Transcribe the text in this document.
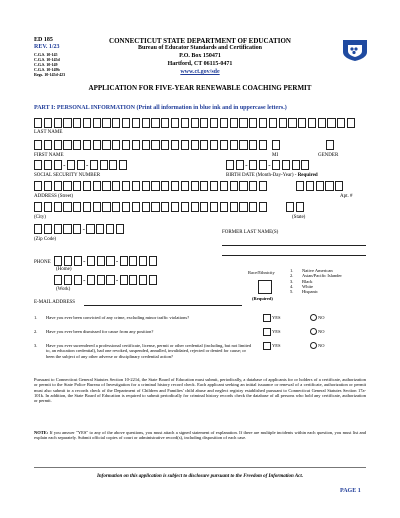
ED 185
REV. 1/23
C.G.S. 10-145
C.G.S. 10-145d
C.G.S. 10-149
C.G.S. 10-149b
Regs. 10-145d-423
CONNECTICUT STATE DEPARTMENT OF EDUCATION
Bureau of Educator Standards and Certification
P.O. Box 150471
Hartford, CT 06115-0471
www.ct.gov/sde
APPLICATION FOR FIVE-YEAR RENEWABLE COACHING PERMIT
PART I: PERSONAL INFORMATION (Print all information in blue ink and in uppercase letters.)
LAST NAME
FIRST NAME	MI	GENDER
-	-	-	-
SOCIAL SECURITY NUMBER	BIRTH DATE (Month-Day-Year) - Required
ADDRESS (Street)	Apt. #
(City)	(State)
-
(Zip Code)
FORMER LAST NAME(S)
PHONE	-	-
(Home)
-	-
(Work)
E-MAIL ADDRESS
Race/Ethnicity
(Required)
1.	Native American
2.	Asian/Pacific Islander
3.	Black
4.	White
5.	Hispanic
1. Have you ever been convicted of any crime, excluding minor traffic violations?	YES	NO
2. Have you ever been dismissed for cause from any position?	YES	NO
3. Have you ever surrendered a professional certificate, license, permit or other credential (including, but not limited to, an education credential), had one revoked, suspended, annulled, invalidated, rejected or denied for cause; or been the subject of any other adverse or disciplinary credential action?
YES	NO
Pursuant to Connecticut General Statutes Section 10-221d, the State Board of Education must submit, periodically, a database of applicants for or holders of a certificate, authorization or permit to the State Police Bureau of Investigation for a criminal history record check. Each applicant seeking an initial issuance or renewal of a certificate, authorization or permit must also submit to a records check of the Department of Children and Families' child abuse and neglect registry established pursuant to Connecticut General Statutes Section 17a-101k. In addition, the State Board of Education is required to submit periodically for criminal history records check the database of all persons who hold any certificate, authorization or permit.
NOTE: If you answer "YES" to any of the above questions, you must attach a signed statement of explanation. If there are multiple incidents within each question, you must list and explain each separately. Submit official copies of court or administrative record(s), including disposition of each case.
Information on this application is subject to disclosure pursuant to the Freedom of Information Act.
PAGE 1
